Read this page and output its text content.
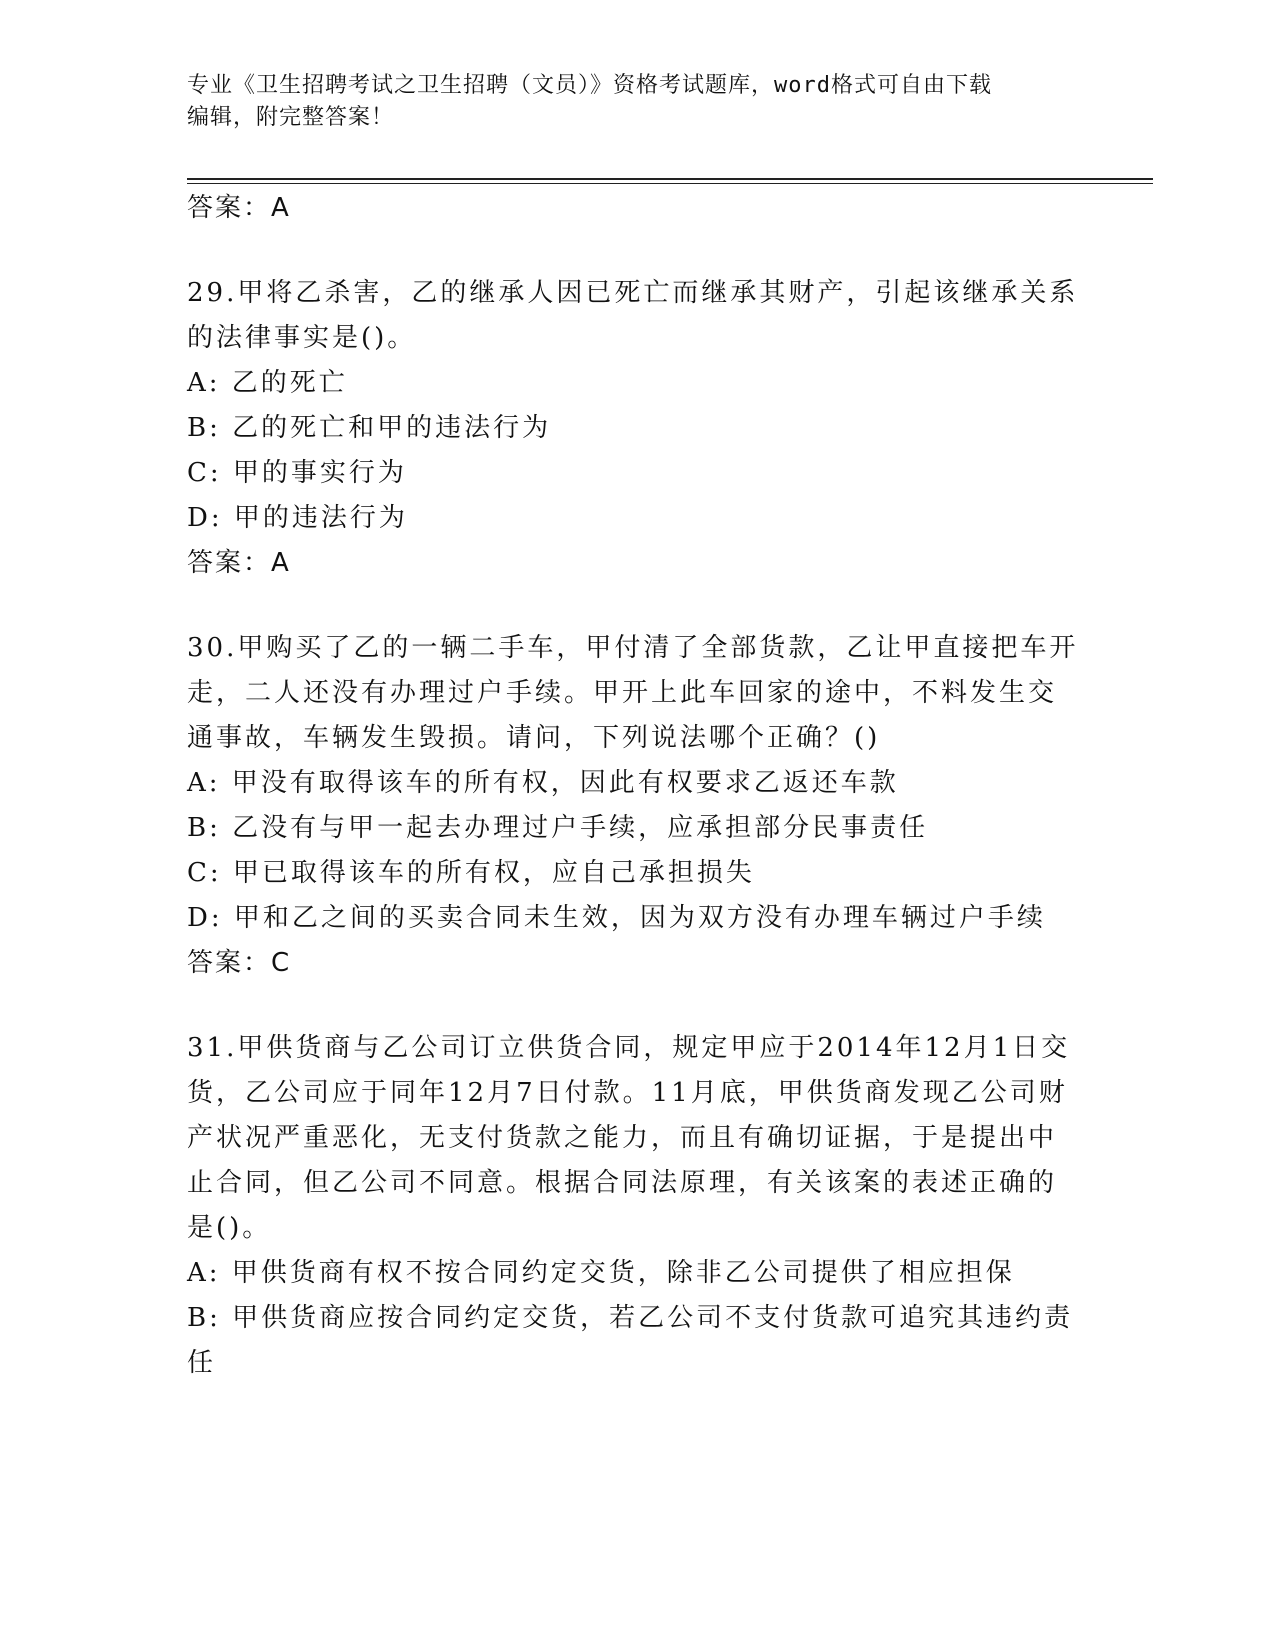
专业《卫生招聘考试之卫生招聘（文员）》资格考试题库，word格式可自由下载
编辑，附完整答案！
答案：A
29.甲将乙杀害，乙的继承人因已死亡而继承其财产，引起该继承关系
的法律事实是()。
A: 乙的死亡
B: 乙的死亡和甲的违法行为
C: 甲的事实行为
D: 甲的违法行为
答案：A
30.甲购买了乙的一辆二手车，甲付清了全部货款，乙让甲直接把车开
走，二人还没有办理过户手续。甲开上此车回家的途中，不料发生交
通事故，车辆发生毁损。请问，下列说法哪个正确？()
A: 甲没有取得该车的所有权，因此有权要求乙返还车款
B: 乙没有与甲一起去办理过户手续，应承担部分民事责任
C: 甲已取得该车的所有权，应自己承担损失
D: 甲和乙之间的买卖合同未生效，因为双方没有办理车辆过户手续
答案：C
31.甲供货商与乙公司订立供货合同，规定甲应于2014年12月1日交
货，乙公司应于同年12月7日付款。11月底，甲供货商发现乙公司财
产状况严重恶化，无支付货款之能力，而且有确切证据，于是提出中
止合同，但乙公司不同意。根据合同法原理，有关该案的表述正确的
是()。
A: 甲供货商有权不按合同约定交货，除非乙公司提供了相应担保
B: 甲供货商应按合同约定交货，若乙公司不支付货款可追究其违约责
任
